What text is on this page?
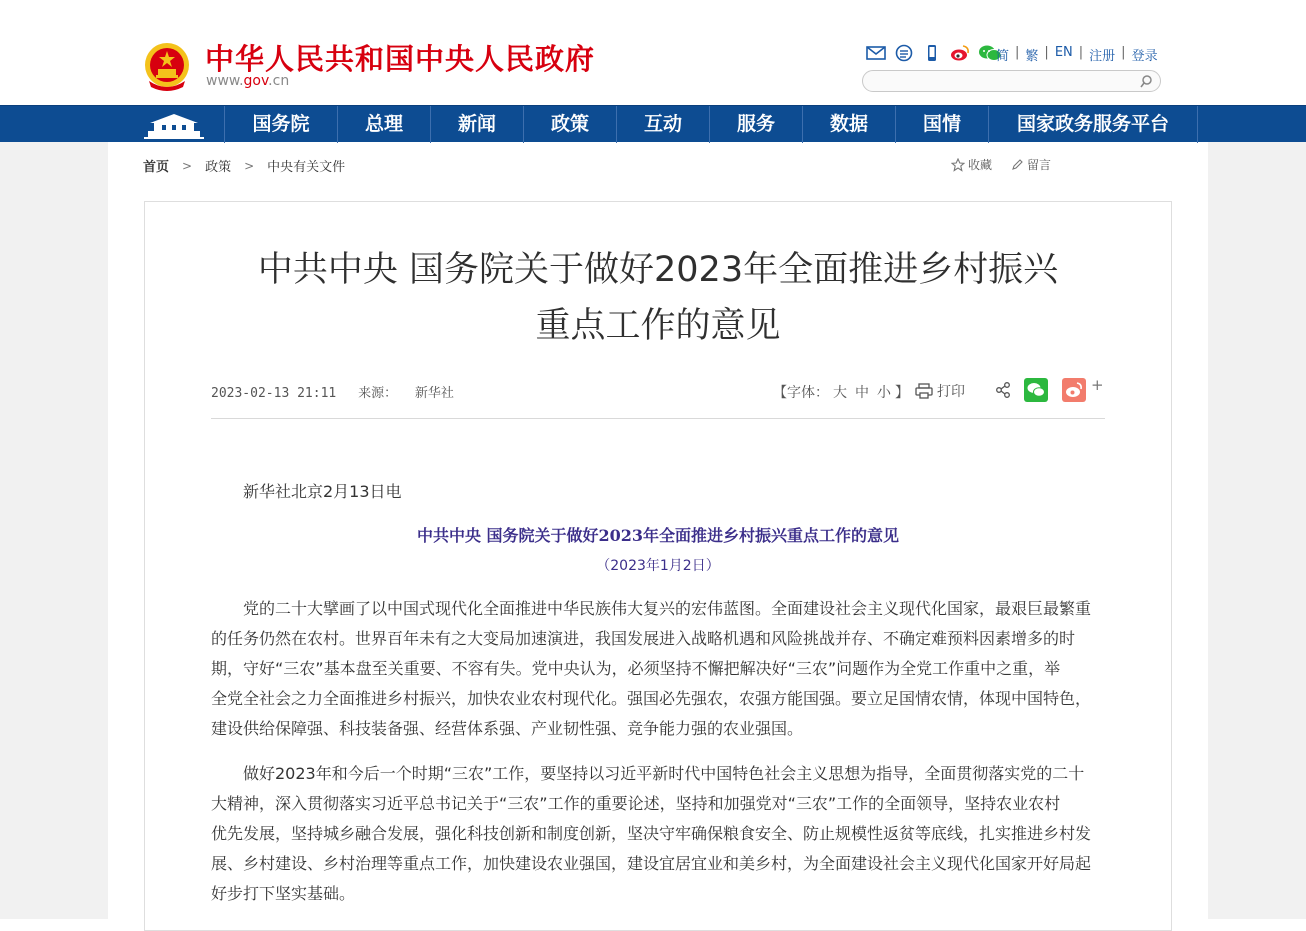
中华人民共和国中央人民政府
www.gov.cn
简 | 繁 | EN | 注册 | 登录
国务院	总理	新闻	政策	互动	服务	数据	国情	国家政务服务平台
首页	>	政策	>	中央有关文件	收藏	留言
中共中央 国务院关于做好2023年全面推进乡村振兴
重点工作的意见
2023-02-13 21:11 来源： 新华社	【字体： 大 中 小 】 打印	+
新华社北京2月13日电
中共中央 国务院关于做好2023年全面推进乡村振兴重点工作的意见
（2023年1月2日）
党的二十大擘画了以中国式现代化全面推进中华民族伟大复兴的宏伟蓝图。全面建设社会主义现代化国家，最艰巨最繁重
的任务仍然在农村。世界百年未有之大变局加速演进，我国发展进入战略机遇和风险挑战并存、不确定难预料因素增多的时
期，守好“三农”基本盘至关重要、不容有失。党中央认为，必须坚持不懈把解决好“三农”问题作为全党工作重中之重，举
全党全社会之力全面推进乡村振兴，加快农业农村现代化。强国必先强农，农强方能国强。要立足国情农情，体现中国特色，
建设供给保障强、科技装备强、经营体系强、产业韧性强、竞争能力强的农业强国。
做好2023年和今后一个时期“三农”工作，要坚持以习近平新时代中国特色社会主义思想为指导，全面贯彻落实党的二十
大精神，深入贯彻落实习近平总书记关于“三农”工作的重要论述，坚持和加强党对“三农”工作的全面领导，坚持农业农村
优先发展，坚持城乡融合发展，强化科技创新和制度创新，坚决守牢确保粮食安全、防止规模性返贫等底线，扎实推进乡村发
展、乡村建设、乡村治理等重点工作，加快建设农业强国，建设宜居宜业和美乡村，为全面建设社会主义现代化国家开好局起
好步打下坚实基础。
